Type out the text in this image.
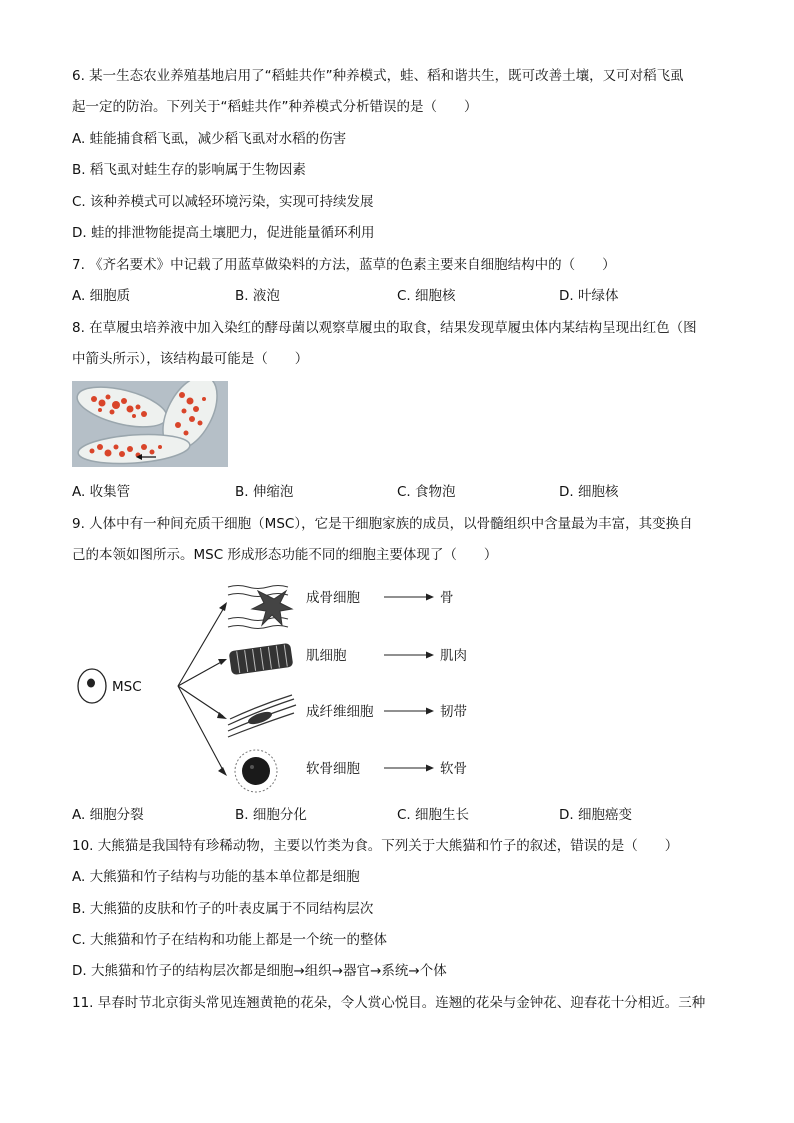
6. 某一生态农业养殖基地启用了“稻蛙共作”种养模式，蛙、稻和谐共生，既可改善土壤，又可对稻飞虱
起一定的防治。下列关于“稻蛙共作”种养模式分析错误的是（　　）
A. 蛙能捕食稻飞虱，减少稻飞虱对水稻的伤害
B. 稻飞虱对蛙生存的影响属于生物因素
C. 该种养模式可以减轻环境污染，实现可持续发展
D. 蛙的排泄物能提高土壤肥力，促进能量循环利用
7. 《齐名要术》中记载了用蓝草做染料的方法，蓝草的色素主要来自细胞结构中的（　　）
A. 细胞质	B. 液泡	C. 细胞核	D. 叶绿体
8. 在草履虫培养液中加入染红的酵母菌以观察草履虫的取食，结果发现草履虫体内某结构呈现出红色（图
中箭头所示），该结构最可能是（　　）
A. 收集管	B. 伸缩泡	C. 食物泡	D. 细胞核
9. 人体中有一种间充质干细胞（MSC），它是干细胞家族的成员，以骨髓组织中含量最为丰富，其变换自
己的本领如图所示。MSC 形成形态功能不同的细胞主要体现了（　　）
MSC
成骨细胞	骨
肌细胞	肌肉
成纤维细胞	韧带
软骨细胞	软骨
A. 细胞分裂	B. 细胞分化	C. 细胞生长	D. 细胞癌变
10. 大熊猫是我国特有珍稀动物，主要以竹类为食。下列关于大熊猫和竹子的叙述，错误的是（　　）
A. 大熊猫和竹子结构与功能的基本单位都是细胞
B. 大熊猫的皮肤和竹子的叶表皮属于不同结构层次
C. 大熊猫和竹子在结构和功能上都是一个统一的整体
D. 大熊猫和竹子的结构层次都是细胞→组织→器官→系统→个体
11. 早春时节北京街头常见连翘黄艳的花朵，令人赏心悦目。连翘的花朵与金钟花、迎春花十分相近。三种
